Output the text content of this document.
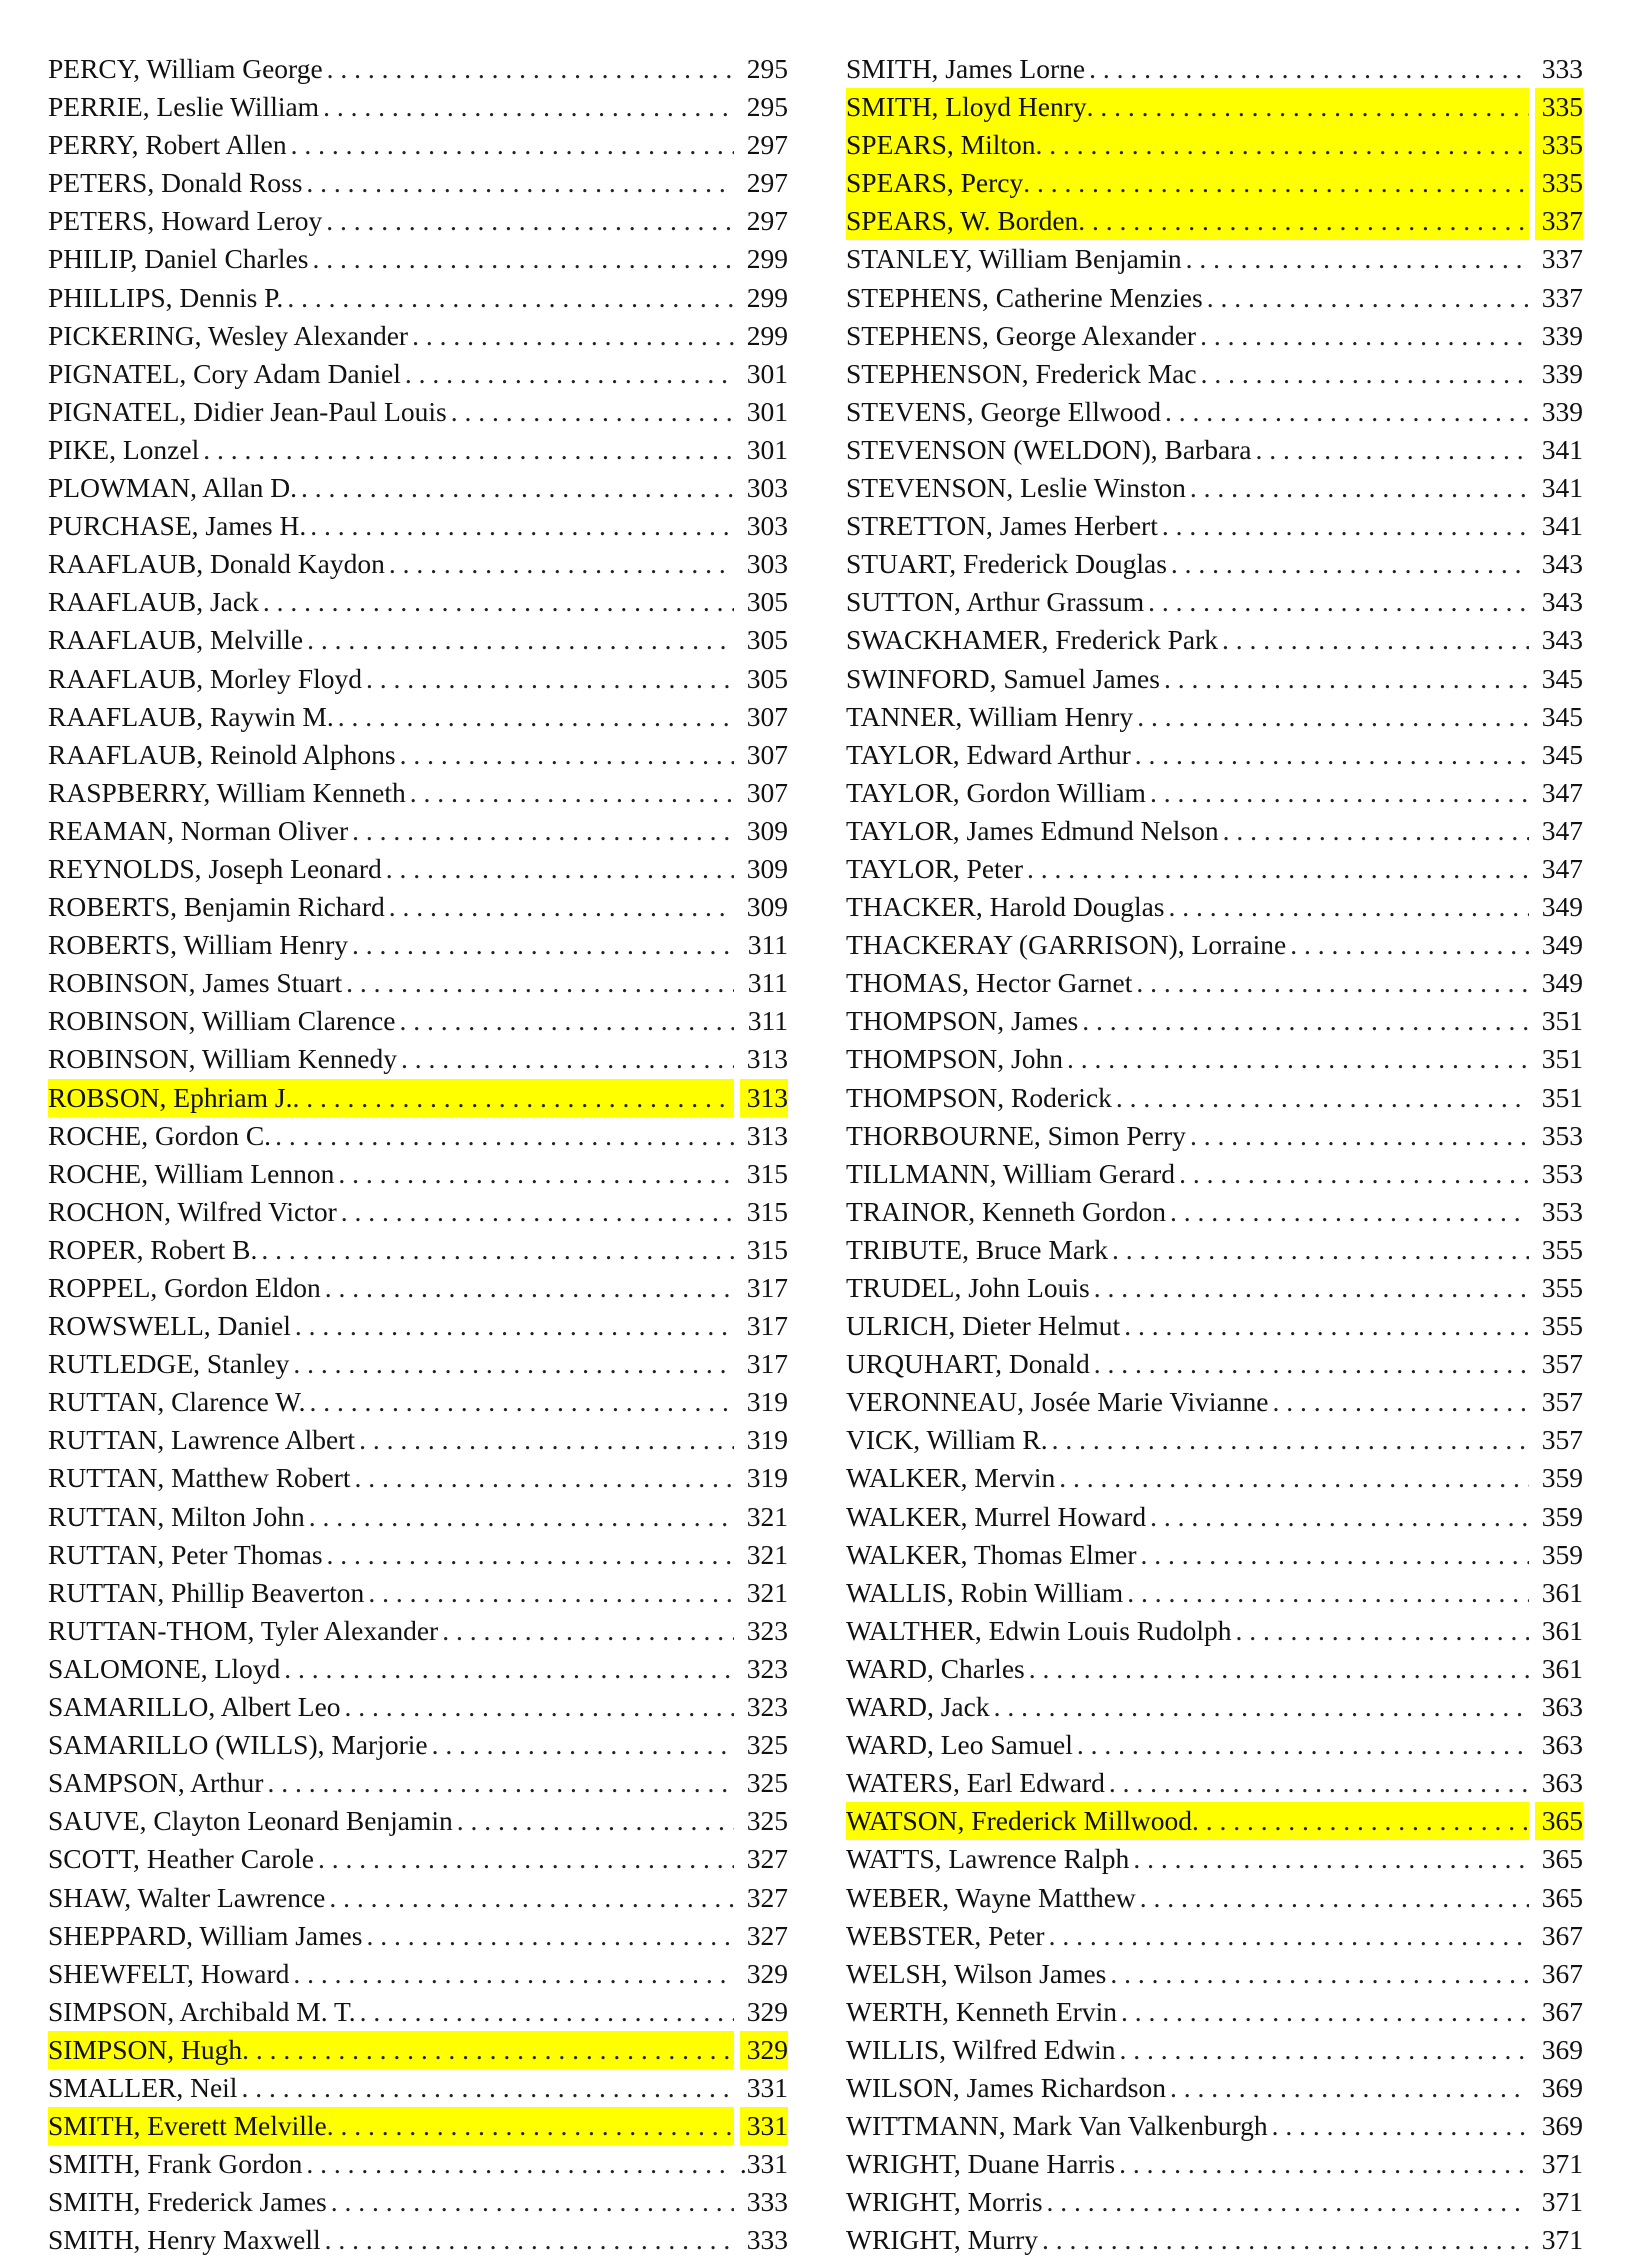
PERCY, William George . . .	295
PERRIE, Leslie William . . .	295
PERRY, Robert Allen . . .	297
PETERS, Donald Ross . . .	297
PETERS, Howard Leroy . . .	297
PHILIP, Daniel Charles . . .	299
PHILLIPS, Dennis P. . . .	299
PICKERING, Wesley Alexander . . .	299
PIGNATEL, Cory Adam Daniel . . .	301
PIGNATEL, Didier Jean-Paul Louis . . .	301
PIKE, Lonzel . . .	301
PLOWMAN, Allan D. . . .	303
PURCHASE, James H. . . .	303
RAAFLAUB, Donald Kaydon . . .	303
RAAFLAUB, Jack . . .	305
RAAFLAUB, Melville . . .	305
RAAFLAUB, Morley Floyd . . .	305
RAAFLAUB, Raywin M. . . .	307
RAAFLAUB, Reinold Alphons . . .	307
RASPBERRY, William Kenneth . . .	307
REAMAN, Norman Oliver . . .	309
REYNOLDS, Joseph Leonard . . .	309
ROBERTS, Benjamin Richard . . .	309
ROBERTS, William Henry . . .	311
ROBINSON, James Stuart . . .	311
ROBINSON, William Clarence . . .	311
ROBINSON, William Kennedy . . .	313
ROBSON, Ephriam J. . . .	313
ROCHE, Gordon C. . . .	313
ROCHE, William Lennon . . .	315
ROCHON, Wilfred Victor . . .	315
ROPER, Robert B. . . .	315
ROPPEL, Gordon Eldon . . .	317
ROWSWELL, Daniel . . .	317
RUTLEDGE, Stanley . . .	317
RUTTAN, Clarence W. . . .	319
RUTTAN, Lawrence Albert . . .	319
RUTTAN, Matthew Robert . . .	319
RUTTAN, Milton John . . .	321
RUTTAN, Peter Thomas . . .	321
RUTTAN, Phillip Beaverton . . .	321
RUTTAN-THOM, Tyler Alexander . . .	323
SALOMONE, Lloyd . . .	323
SAMARILLO, Albert Leo . . .	323
SAMARILLO (WILLS), Marjorie . . .	325
SAMPSON, Arthur . . .	325
SAUVE, Clayton Leonard Benjamin . . .	325
SCOTT, Heather Carole . . .	327
SHAW, Walter Lawrence . . .	327
SHEPPARD, William James . . .	327
SHEWFELT, Howard . . .	329
SIMPSON, Archibald M. T. . . .	329
SIMPSON, Hugh . . .	329
SMALLER, Neil . . .	331
SMITH, Everett Melville . . .	331
SMITH, Frank Gordon . . .	.331
SMITH, Frederick James . . .	333
SMITH, Henry Maxwell . . .	333
SMITH, James Lorne . . .	333
SMITH, Lloyd Henry . . .	335
SPEARS, Milton . . .	335
SPEARS, Percy . . .	335
SPEARS, W. Borden . . .	337
STANLEY, William Benjamin . . .	337
STEPHENS, Catherine Menzies . . .	337
STEPHENS, George Alexander . . .	339
STEPHENSON, Frederick Mac . . .	339
STEVENS, George Ellwood . . .	339
STEVENSON (WELDON), Barbara . . .	341
STEVENSON, Leslie Winston . . .	341
STRETTON, James Herbert . . .	341
STUART, Frederick Douglas . . .	343
SUTTON, Arthur Grassum . . .	343
SWACKHAMER, Frederick Park . . .	343
SWINFORD, Samuel James . . .	345
TANNER, William Henry . . .	345
TAYLOR, Edward Arthur . . .	345
TAYLOR, Gordon William . . .	347
TAYLOR, James Edmund Nelson . . .	347
TAYLOR, Peter . . .	347
THACKER, Harold Douglas . . .	349
THACKERAY (GARRISON), Lorraine . . .	349
THOMAS, Hector Garnet . . .	349
THOMPSON, James . . .	351
THOMPSON, John . . .	351
THOMPSON, Roderick . . .	351
THORBOURNE, Simon Perry . . .	353
TILLMANN, William Gerard . . .	353
TRAINOR, Kenneth Gordon . . .	353
TRIBUTE, Bruce Mark . . .	355
TRUDEL, John Louis . . .	355
ULRICH, Dieter Helmut . . .	355
URQUHART, Donald . . .	357
VERONNEAU, Josée Marie Vivianne . . .	357
VICK, William R. . . .	357
WALKER, Mervin . . .	359
WALKER, Murrel Howard . . .	359
WALKER, Thomas Elmer . . .	359
WALLIS, Robin William . . .	361
WALTHER, Edwin Louis Rudolph . . .	361
WARD, Charles . . .	361
WARD, Jack . . .	363
WARD, Leo Samuel . . .	363
WATERS, Earl Edward . . .	363
WATSON, Frederick Millwood . . .	365
WATTS, Lawrence Ralph . . .	365
WEBER, Wayne Matthew . . .	365
WEBSTER, Peter . . .	367
WELSH, Wilson James . . .	367
WERTH, Kenneth Ervin . . .	367
WILLIS, Wilfred Edwin . . .	369
WILSON, James Richardson . . .	369
WITTMANN, Mark Van Valkenburgh . . .	369
WRIGHT, Duane Harris . . .	371
WRIGHT, Morris . . .	371
WRIGHT, Murry . . .	371
